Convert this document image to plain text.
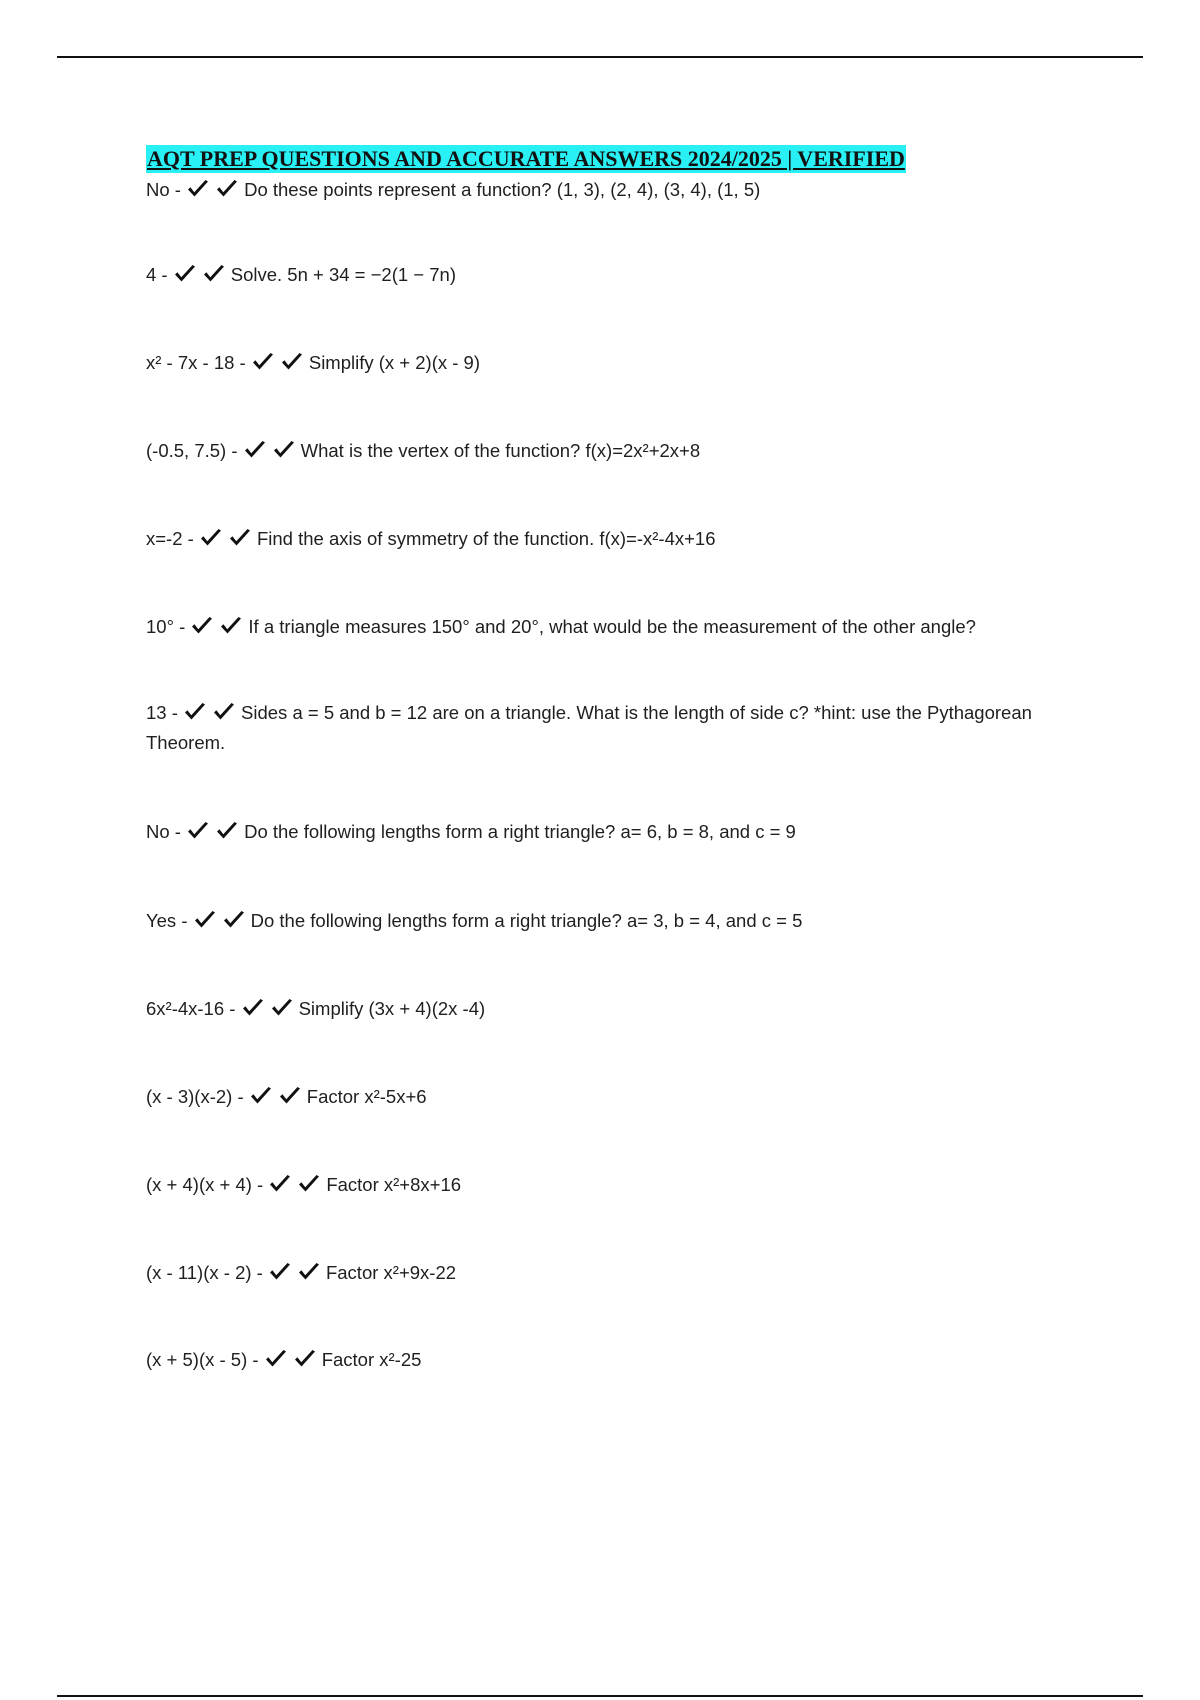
AQT PREP QUESTIONS AND ACCURATE ANSWERS 2024/2025 | VERIFIED
No -	Do these points represent a function? (1, 3), (2, 4), (3, 4), (1, 5)
4 -	Solve. 5n + 34 = −2(1 − 7n)
x² - 7x - 18 -	Simplify (x + 2)(x - 9)
(-0.5, 7.5) -	What is the vertex of the function? f(x)=2x²+2x+8
x=-2 -	Find the axis of symmetry of the function. f(x)=-x²-4x+16
10° -	If a triangle measures 150° and 20°, what would be the measurement of the other angle?
13 -	Sides a = 5 and b = 12 are on a triangle. What is the length of side c? *hint: use the Pythagorean Theorem.
No -	Do the following lengths form a right triangle? a= 6, b = 8, and c = 9
Yes -	Do the following lengths form a right triangle? a= 3, b = 4, and c = 5
6x²-4x-16 -	Simplify (3x + 4)(2x -4)
(x - 3)(x-2) -	Factor x²-5x+6
(x + 4)(x + 4) -	Factor x²+8x+16
(x - 11)(x - 2) -	Factor x²+9x-22
(x + 5)(x - 5) -	Factor x²-25
